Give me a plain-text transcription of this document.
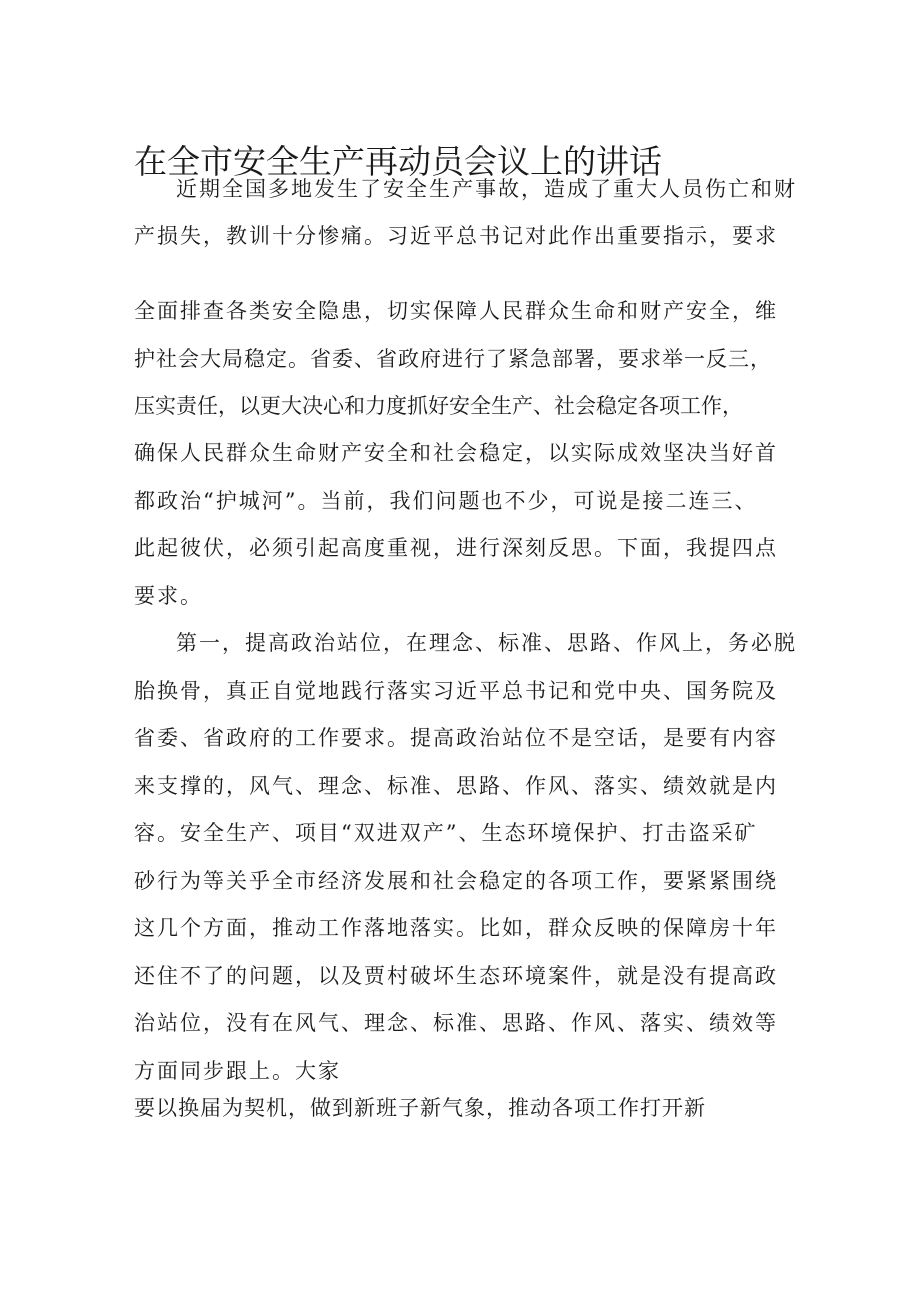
在全市安全生产再动员会议上的讲话

近期全国多地发生了安全生产事故，造成了重大人员伤亡和财

产损失，教训十分惨痛。习近平总书记对此作出重要指示，要求

全面排查各类安全隐患，切实保障人民群众生命和财产安全，维

护社会大局稳定。省委、省政府进行了紧急部署，要求举一反三，

压实责任，以更大决心和力度抓好安全生产、社会稳定各项工作，

确保人民群众生命财产安全和社会稳定，以实际成效坚决当好首

都政治“护城河”。当前，我们问题也不少，可说是接二连三、

此起彼伏，必须引起高度重视，进行深刻反思。下面，我提四点

要求。

第一，提高政治站位，在理念、标准、思路、作风上，务必脱

胎换骨，真正自觉地践行落实习近平总书记和党中央、国务院及

省委、省政府的工作要求。提高政治站位不是空话，是要有内容

来支撑的，风气、理念、标准、思路、作风、落实、绩效就是内

容。安全生产、项目“双进双产”、生态环境保护、打击盗采矿

砂行为等关乎全市经济发展和社会稳定的各项工作，要紧紧围绕

这几个方面，推动工作落地落实。比如，群众反映的保障房十年

还住不了的问题，以及贾村破坏生态环境案件，就是没有提高政

治站位，没有在风气、理念、标准、思路、作风、落实、绩效等

方面同步跟上。大家

要以换届为契机，做到新班子新气象，推动各项工作打开新
